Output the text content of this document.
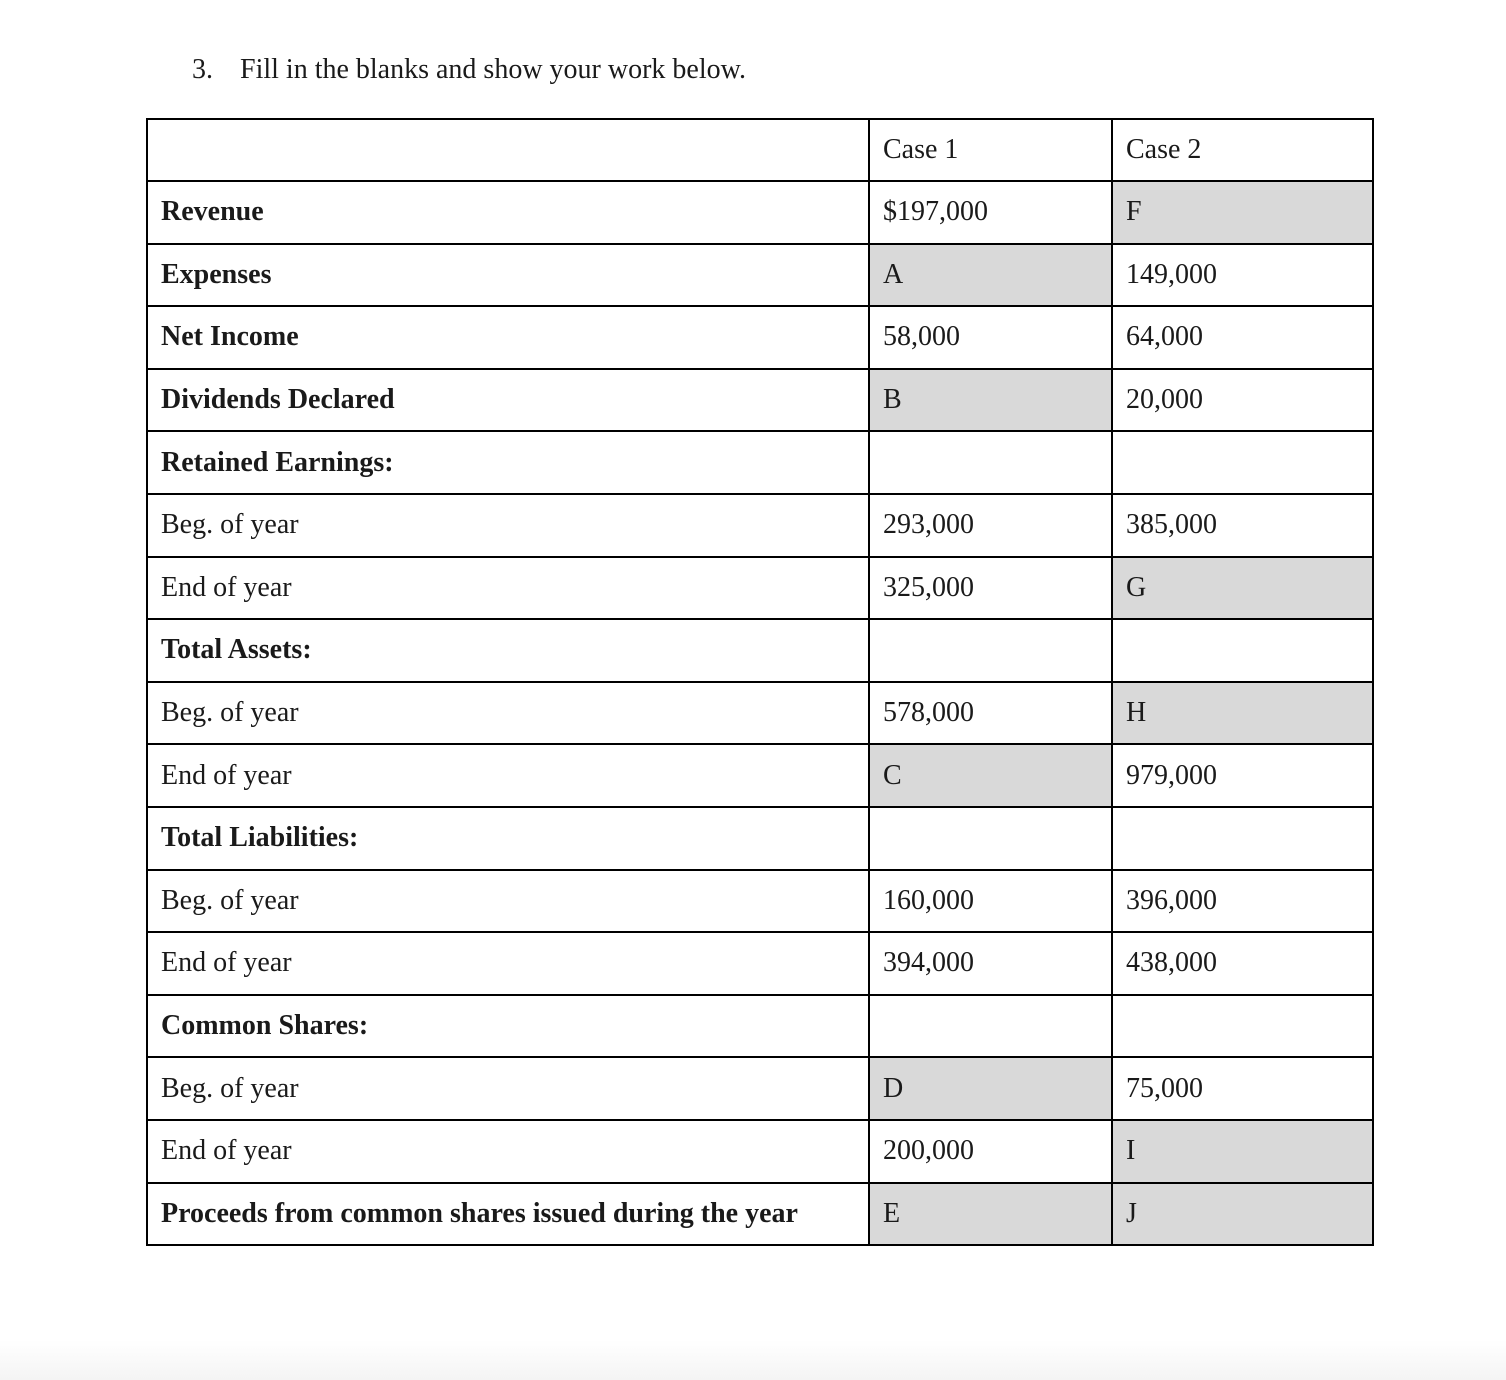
3. Fill in the blanks and show your work below.
	Case 1	Case 2
Revenue	$197,000	F
Expenses	A	149,000
Net Income	58,000	64,000
Dividends Declared	B	20,000
Retained Earnings:		
Beg. of year	293,000	385,000
End of year	325,000	G
Total Assets:		
Beg. of year	578,000	H
End of year	C	979,000
Total Liabilities:		
Beg. of year	160,000	396,000
End of year	394,000	438,000
Common Shares:		
Beg. of year	D	75,000
End of year	200,000	I
Proceeds from common shares issued during the year	E	J
